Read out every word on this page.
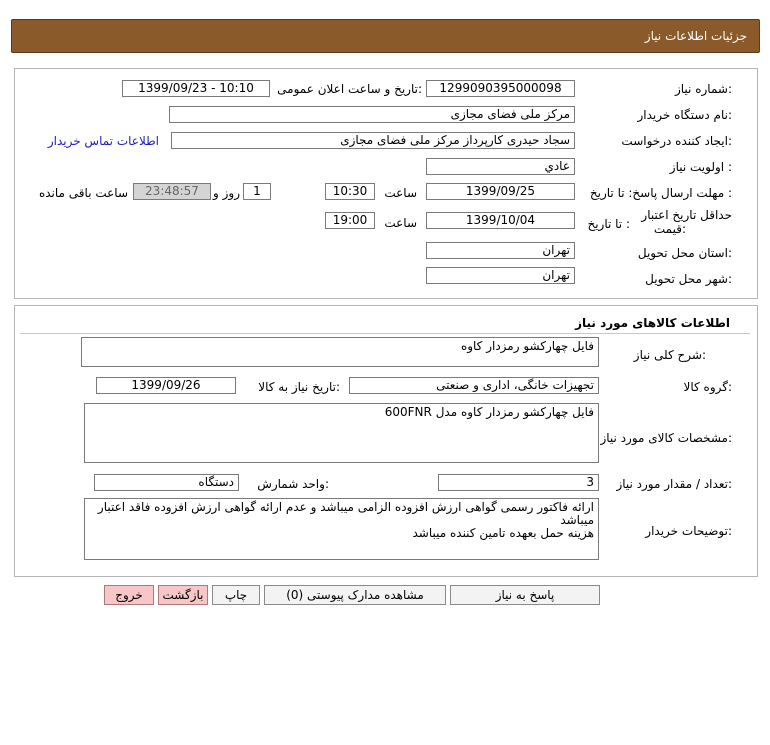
جزئیات اطلاعات نیاز
شماره نیاز:
1299090395000098
تاریخ و ساعت اعلان عمومی:
1399/09/23 - 10:10
نام دستگاه خریدار:
مرکز ملی فضای مجازی
ایجاد کننده درخواست:
سجاد حیدری کارپرداز مرکز ملی فضای مجازی
اطلاعات تماس خریدار
اولویت نیاز :
عادي
مهلت ارسال پاسخ: تا تاریخ :
1399/09/25
ساعت
10:30
1
روز و
23:48:57
ساعت باقی مانده
حداقل تاریخ اعتبار
قیمت:
تا تاریخ :
1399/10/04
ساعت
19:00
استان محل تحویل:
تهران
شهر محل تحویل:
تهران
اطلاعات کالاهای مورد نیاز
شرح کلی نیاز:
فایل چهارکشو رمزدار کاوه
گروه کالا:
تجهیزات خانگی، اداری و صنعتی
تاریخ نیاز به کالا:
1399/09/26
مشخصات کالای مورد نیاز:
فایل چهارکشو رمزدار کاوه مدل 600FNR
تعداد / مقدار مورد نیاز:
3
واحد شمارش:
دستگاه
توضیحات خریدار:
ارائه فاکتور رسمی گواهی ارزش افزوده الزامی میباشد و عدم ارائه گواهی ارزش افزوده فاقد اعتبار میباشد
هزینه حمل بعهده تامین کننده میباشد
پاسخ به نیاز
مشاهده مدارک پیوستی (0)
چاپ
بازگشت
خروج
